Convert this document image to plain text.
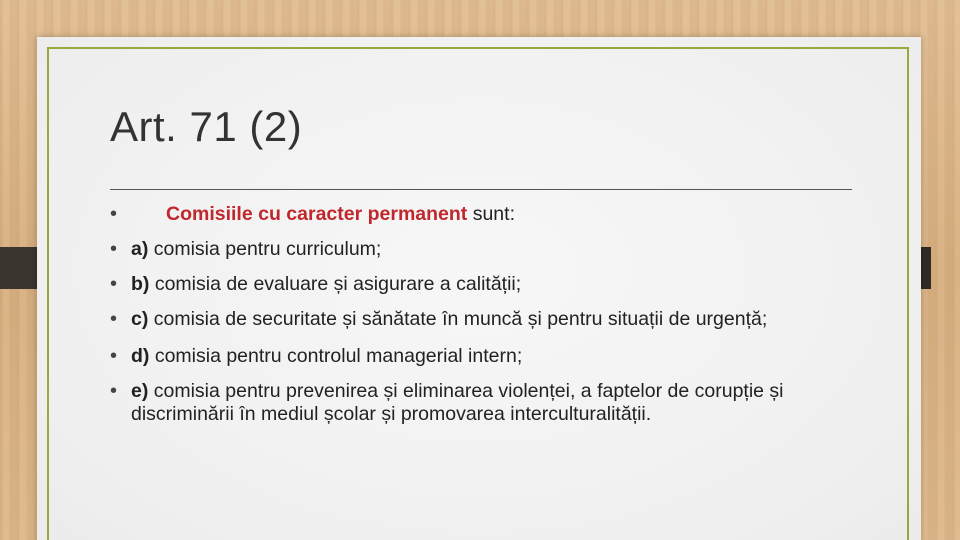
Art. 71 (2)
•	Comisiile cu caracter permanent sunt:
• a) comisia pentru curriculum;
• b) comisia de evaluare și asigurare a calității;
• c) comisia de securitate și sănătate în muncă și pentru situații de urgență;
• d) comisia pentru controlul managerial intern;
• e) comisia pentru prevenirea și eliminarea violenței, a faptelor de corupție și discriminării în mediul școlar și promovarea interculturalității.
